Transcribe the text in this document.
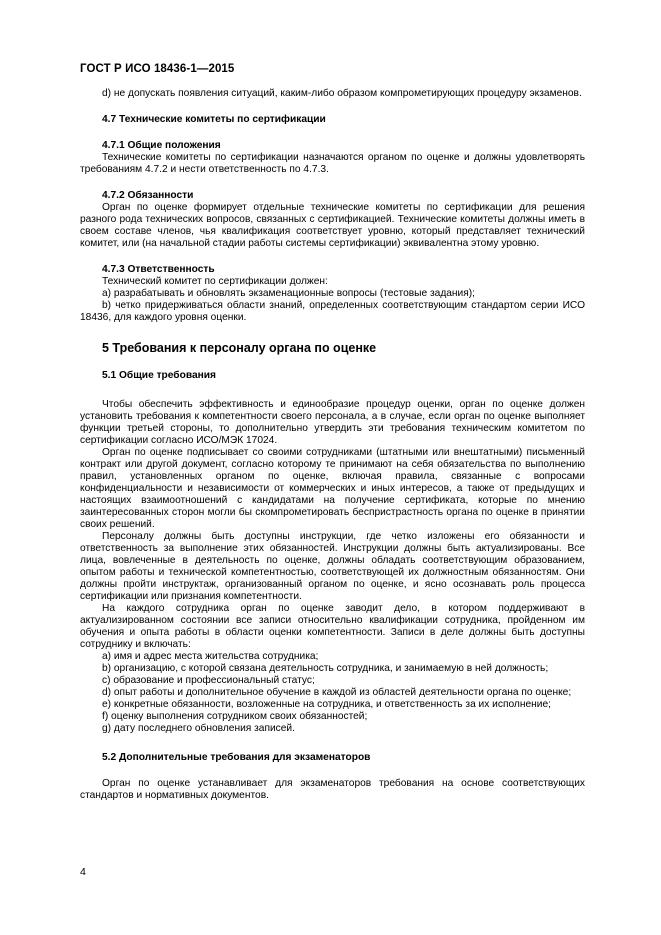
ГОСТ Р ИСО 18436-1—2015

d) не допускать появления ситуаций, каким-либо образом компрометирующих процедуру экзаменов.

4.7 Технические комитеты по сертификации

4.7.1 Общие положения

Технические комитеты по сертификации назначаются органом по оценке и должны удовлетворять требованиям 4.7.2 и нести ответственность по 4.7.3.

4.7.2 Обязанности

Орган по оценке формирует отдельные технические комитеты по сертификации для решения разного рода технических вопросов, связанных с сертификацией. Технические комитеты должны иметь в своем составе членов, чья квалификация соответствует уровню, который представляет технический комитет, или (на начальной стадии работы системы сертификации) эквивалентна этому уровню.

4.7.3 Ответственность

Технический комитет по сертификации должен:

a) разрабатывать и обновлять экзаменационные вопросы (тестовые задания);
b) четко придерживаться области знаний, определенных соответствующим стандартом серии ИСО 18436, для каждого уровня оценки.

5 Требования к персоналу органа по оценке

5.1 Общие требования

Чтобы обеспечить эффективность и единообразие процедур оценки, орган по оценке должен установить требования к компетентности своего персонала, а в случае, если орган по оценке выполняет функции третьей стороны, то дополнительно утвердить эти требования техническим комитетом по сертификации согласно ИСО/МЭК 17024.

Орган по оценке подписывает со своими сотрудниками (штатными или внештатными) письменный контракт или другой документ, согласно которому те принимают на себя обязательства по выполнению правил, установленных органом по оценке, включая правила, связанные с вопросами конфиденциальности и независимости от коммерческих и иных интересов, а также от предыдущих и настоящих взаимоотношений с кандидатами на получение сертификата, которые по мнению заинтересованных сторон могли бы скомпрометировать беспристрастность органа по оценке в принятии своих решений.

Персоналу должны быть доступны инструкции, где четко изложены его обязанности и ответственность за выполнение этих обязанностей. Инструкции должны быть актуализированы. Все лица, вовлеченные в деятельность по оценке, должны обладать соответствующим образованием, опытом работы и технической компетентностью, соответствующей их должностным обязанностям. Они должны пройти инструктаж, организованный органом по оценке, и ясно осознавать роль процесса сертификации или признания компетентности.

На каждого сотрудника орган по оценке заводит дело, в котором поддерживают в актуализированном состоянии все записи относительно квалификации сотрудника, пройденном им обучения и опыта работы в области оценки компетентности. Записи в деле должны быть доступны сотруднику и включать:

a) имя и адрес места жительства сотрудника;
b) организацию, с которой связана деятельность сотрудника, и занимаемую в ней должность;
c) образование и профессиональный статус;
d) опыт работы и дополнительное обучение в каждой из областей деятельности органа по оценке;
e) конкретные обязанности, возложенные на сотрудника, и ответственность за их исполнение;
f) оценку выполнения сотрудником своих обязанностей;
g) дату последнего обновления записей.

5.2 Дополнительные требования для экзаменаторов

Орган по оценке устанавливает для экзаменаторов требования на основе соответствующих стандартов и нормативных документов.

4
